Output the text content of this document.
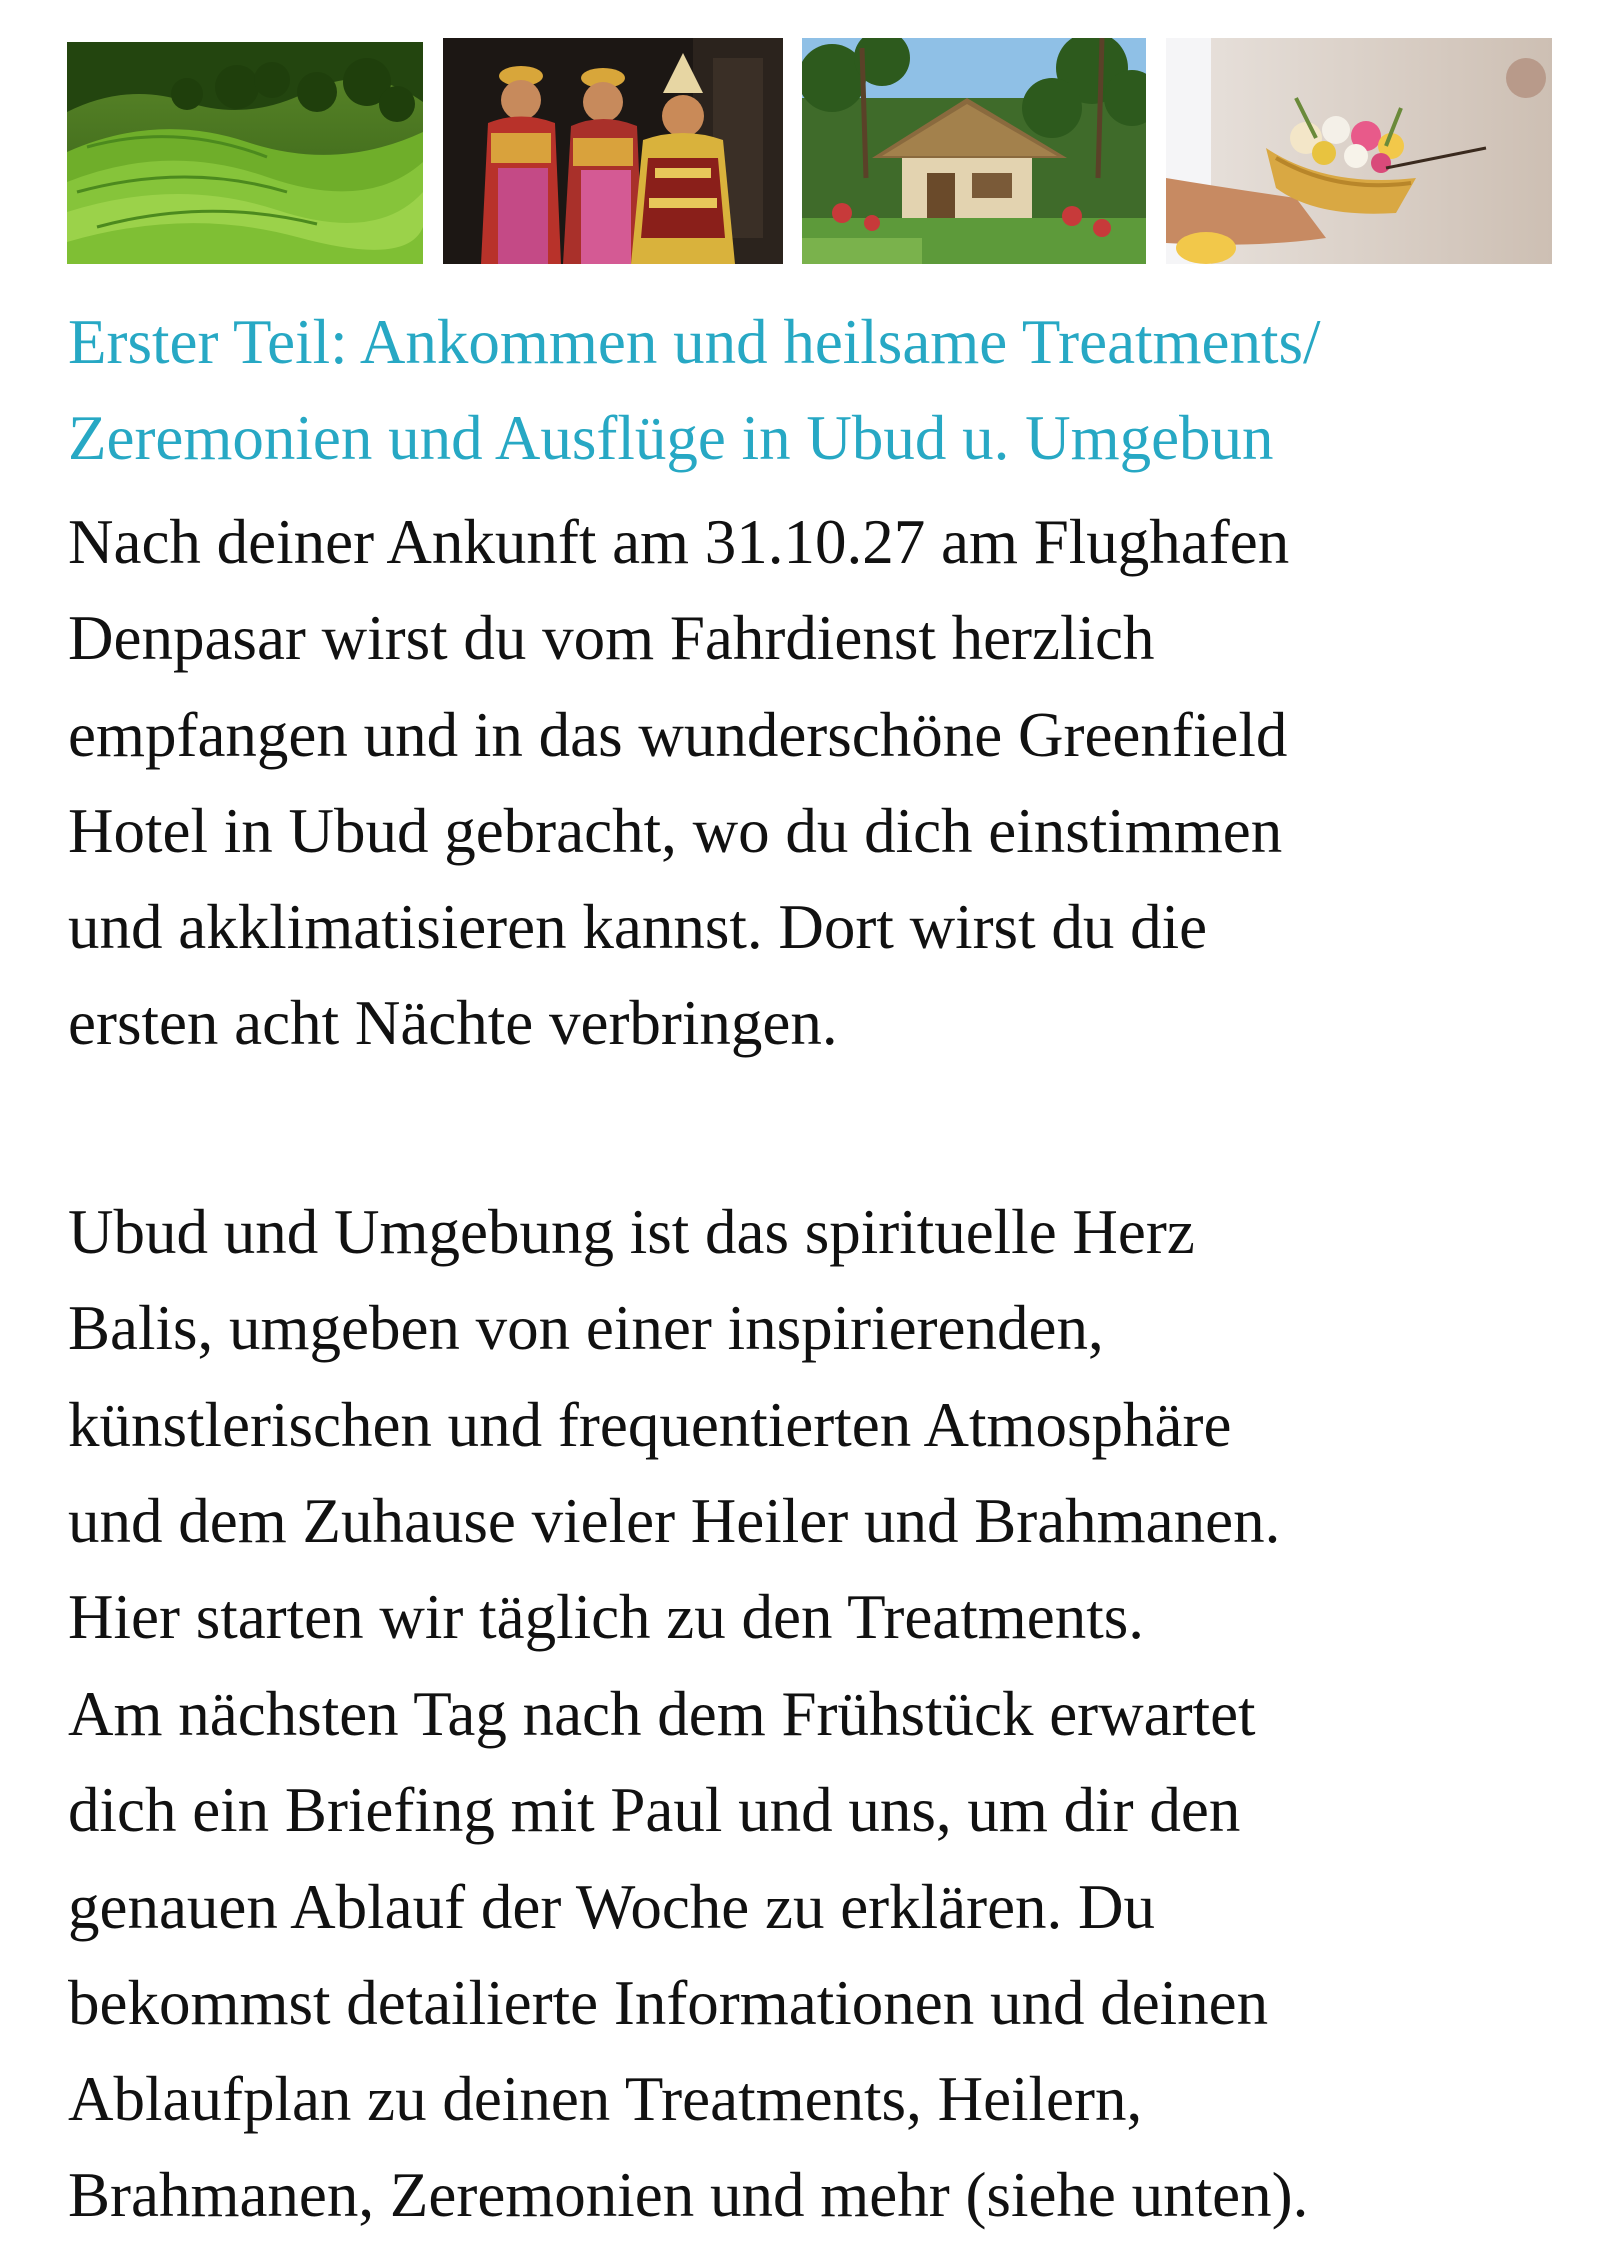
Erster Teil: Ankommen und heilsame Treatments/
Zeremonien und Ausflüge in Ubud u. Umgebun

Nach deiner Ankunft am 31.10.27 am Flughafen
Denpasar wirst du vom Fahrdienst herzlich
empfangen und in das wunderschöne Greenfield
Hotel in Ubud gebracht, wo du dich einstimmen
und akklimatisieren kannst. Dort wirst du die
ersten acht Nächte verbringen.

Ubud und Umgebung ist das spirituelle Herz
Balis, umgeben von einer inspirierenden,
künstlerischen und frequentierten Atmosphäre
und dem Zuhause vieler Heiler und Brahmanen.
Hier starten wir täglich zu den Treatments.

Am nächsten Tag nach dem Frühstück erwartet
dich ein Briefing mit Paul und uns, um dir den
genauen Ablauf der Woche zu erklären. Du
bekommst detailierte Informationen und deinen
Ablaufplan zu deinen Treatments, Heilern,
Brahmanen, Zeremonien und mehr (siehe unten).
